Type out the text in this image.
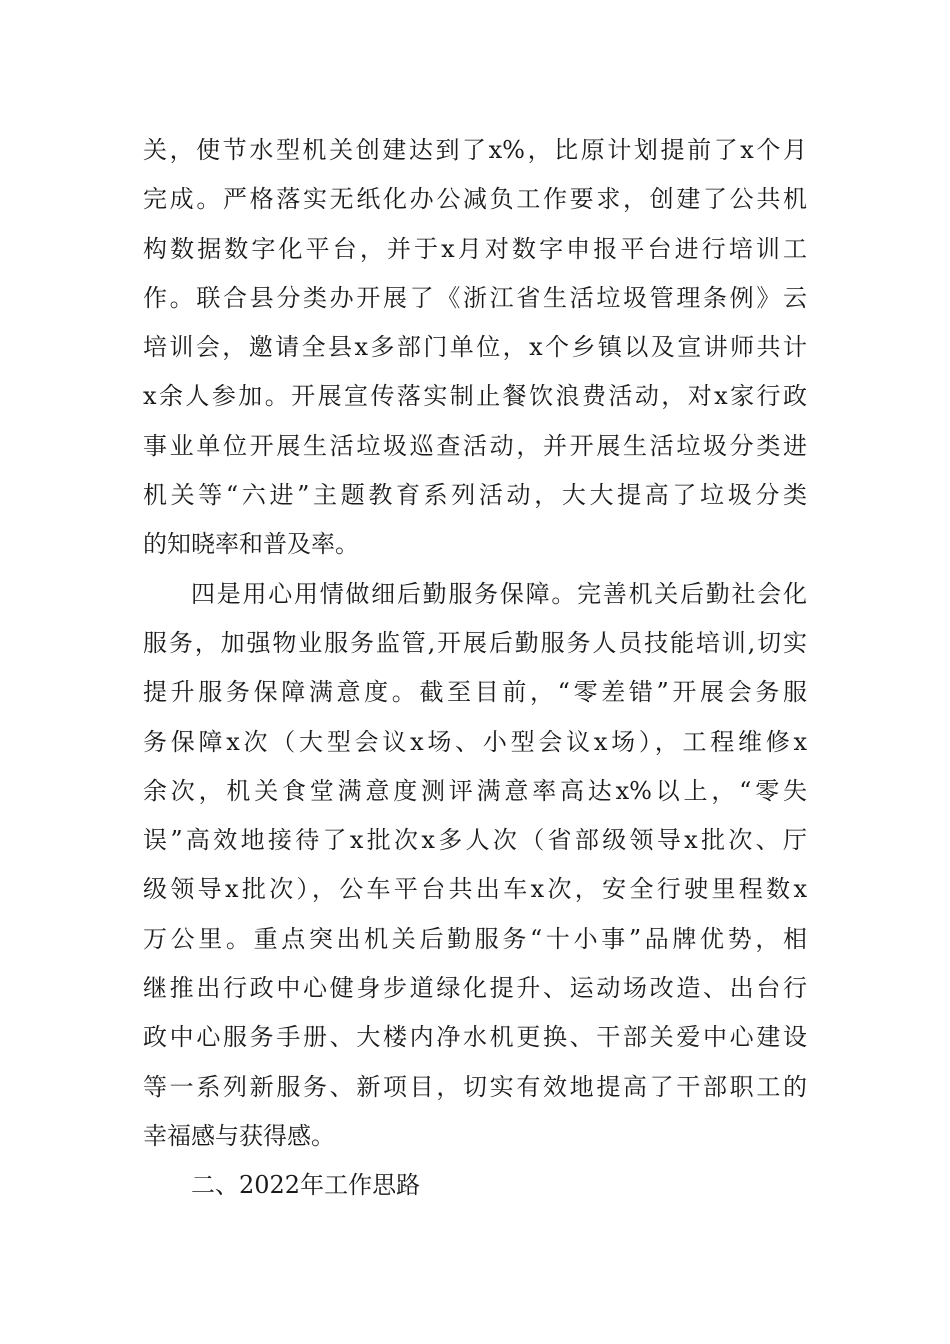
关，使节水型机关创建达到了x%，比原计划提前了x个月
完成。严格落实无纸化办公减负工作要求，创建了公共机
构数据数字化平台，并于x月对数字申报平台进行培训工
作。联合县分类办开展了《浙江省生活垃圾管理条例》云
培训会，邀请全县x多部门单位，x个乡镇以及宣讲师共计
x余人参加。开展宣传落实制止餐饮浪费活动，对x家行政
事业单位开展生活垃圾巡查活动，并开展生活垃圾分类进
机关等“六进”主题教育系列活动，大大提高了垃圾分类
的知晓率和普及率。
四是用心用情做细后勤服务保障。完善机关后勤社会化
服务，加强物业服务监管,开展后勤服务人员技能培训,切实
提升服务保障满意度。截至目前，“零差错”开展会务服
务保障x次（大型会议x场、小型会议x场），工程维修x
余次，机关食堂满意度测评满意率高达x%以上，“零失
误”高效地接待了x批次x多人次（省部级领导x批次、厅
级领导x批次），公车平台共出车x次，安全行驶里程数x
万公里。重点突出机关后勤服务“十小事”品牌优势，相
继推出行政中心健身步道绿化提升、运动场改造、出台行
政中心服务手册、大楼内净水机更换、干部关爱中心建设
等一系列新服务、新项目，切实有效地提高了干部职工的
幸福感与获得感。
二、2022年工作思路
